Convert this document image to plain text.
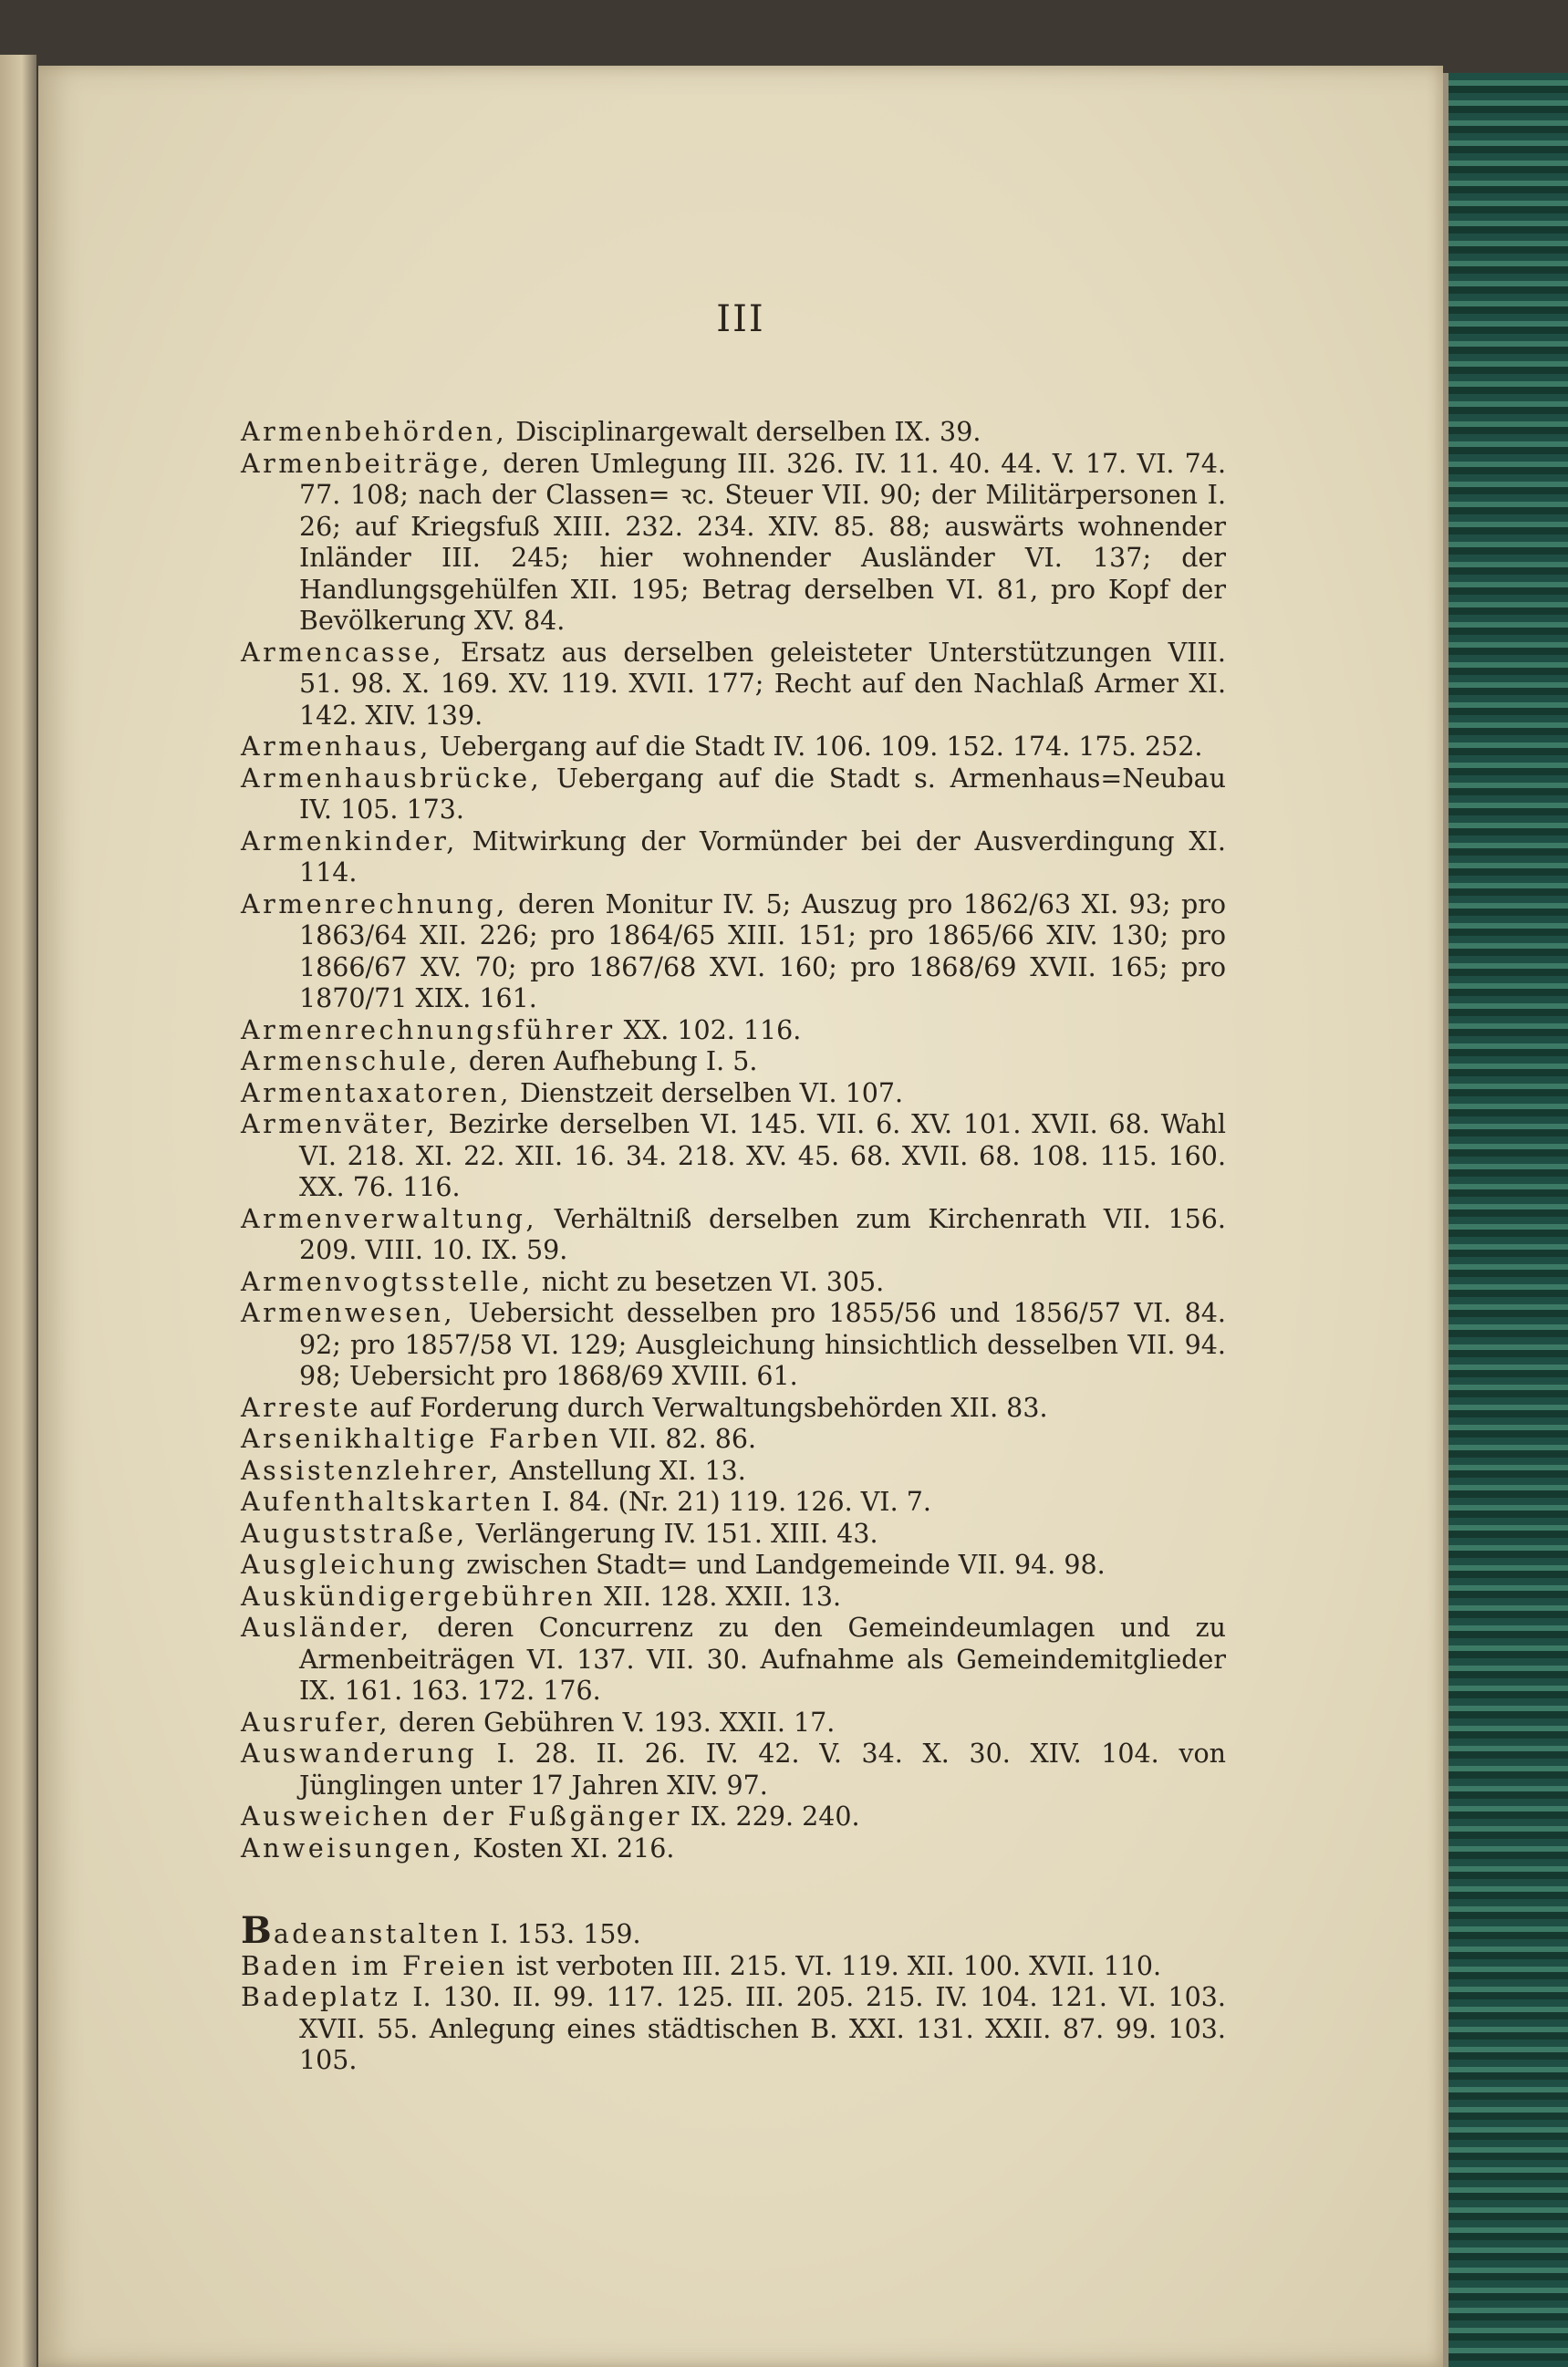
III

Armenbehörden, Disciplinargewalt derselben IX. 39.

Armenbeiträge, deren Umlegung III. 326. IV. 11. 40. 44. V. 17. VI. 74. 77. 108; nach der Classen= ꝛc. Steuer VII. 90; der Militärpersonen I. 26; auf Kriegsfuß XIII. 232. 234. XIV. 85. 88; auswärts wohnender Inländer III. 245; hier wohnender Ausländer VI. 137; der Handlungsgehülfen XII. 195; Betrag derselben VI. 81, pro Kopf der Bevölkerung XV. 84.

Armencasse, Ersatz aus derselben geleisteter Unterstützungen VIII. 51. 98. X. 169. XV. 119. XVII. 177; Recht auf den Nachlaß Armer XI. 142. XIV. 139.

Armenhaus, Uebergang auf die Stadt IV. 106. 109. 152. 174. 175. 252.

Armenhausbrücke, Uebergang auf die Stadt s. Armenhaus=Neubau IV. 105. 173.

Armenkinder, Mitwirkung der Vormünder bei der Ausverdingung XI. 114.

Armenrechnung, deren Monitur IV. 5; Auszug pro 1862/63 XI. 93; pro 1863/64 XII. 226; pro 1864/65 XIII. 151; pro 1865/66 XIV. 130; pro 1866/67 XV. 70; pro 1867/68 XVI. 160; pro 1868/69 XVII. 165; pro 1870/71 XIX. 161.

Armenrechnungsführer XX. 102. 116.

Armenschule, deren Aufhebung I. 5.

Armentaxatoren, Dienstzeit derselben VI. 107.

Armenväter, Bezirke derselben VI. 145. VII. 6. XV. 101. XVII. 68. Wahl VI. 218. XI. 22. XII. 16. 34. 218. XV. 45. 68. XVII. 68. 108. 115. 160. XX. 76. 116.

Armenverwaltung, Verhältniß derselben zum Kirchenrath VII. 156. 209. VIII. 10. IX. 59.

Armenvogtsstelle, nicht zu besetzen VI. 305.

Armenwesen, Uebersicht desselben pro 1855/56 und 1856/57 VI. 84. 92; pro 1857/58 VI. 129; Ausgleichung hinsichtlich desselben VII. 94. 98; Uebersicht pro 1868/69 XVIII. 61.

Arreste auf Forderung durch Verwaltungsbehörden XII. 83.

Arsenikhaltige Farben VII. 82. 86.

Assistenzlehrer, Anstellung XI. 13.

Aufenthaltskarten I. 84. (Nr. 21) 119. 126. VI. 7.

Auguststraße, Verlängerung IV. 151. XIII. 43.

Ausgleichung zwischen Stadt= und Landgemeinde VII. 94. 98.

Auskündigergebühren XII. 128. XXII. 13.

Ausländer, deren Concurrenz zu den Gemeindeumlagen und zu Armenbeiträgen VI. 137. VII. 30. Aufnahme als Gemeindemitglieder IX. 161. 163. 172. 176.

Ausrufer, deren Gebühren V. 193. XXII. 17.

Auswanderung I. 28. II. 26. IV. 42. V. 34. X. 30. XIV. 104. von Jünglingen unter 17 Jahren XIV. 97.

Ausweichen der Fußgänger IX. 229. 240.

Anweisungen, Kosten XI. 216.

Badeanstalten I. 153. 159.

Baden im Freien ist verboten III. 215. VI. 119. XII. 100. XVII. 110.

Badeplatz I. 130. II. 99. 117. 125. III. 205. 215. IV. 104. 121. VI. 103. XVII. 55. Anlegung eines städtischen B. XXI. 131. XXII. 87. 99. 103. 105.
